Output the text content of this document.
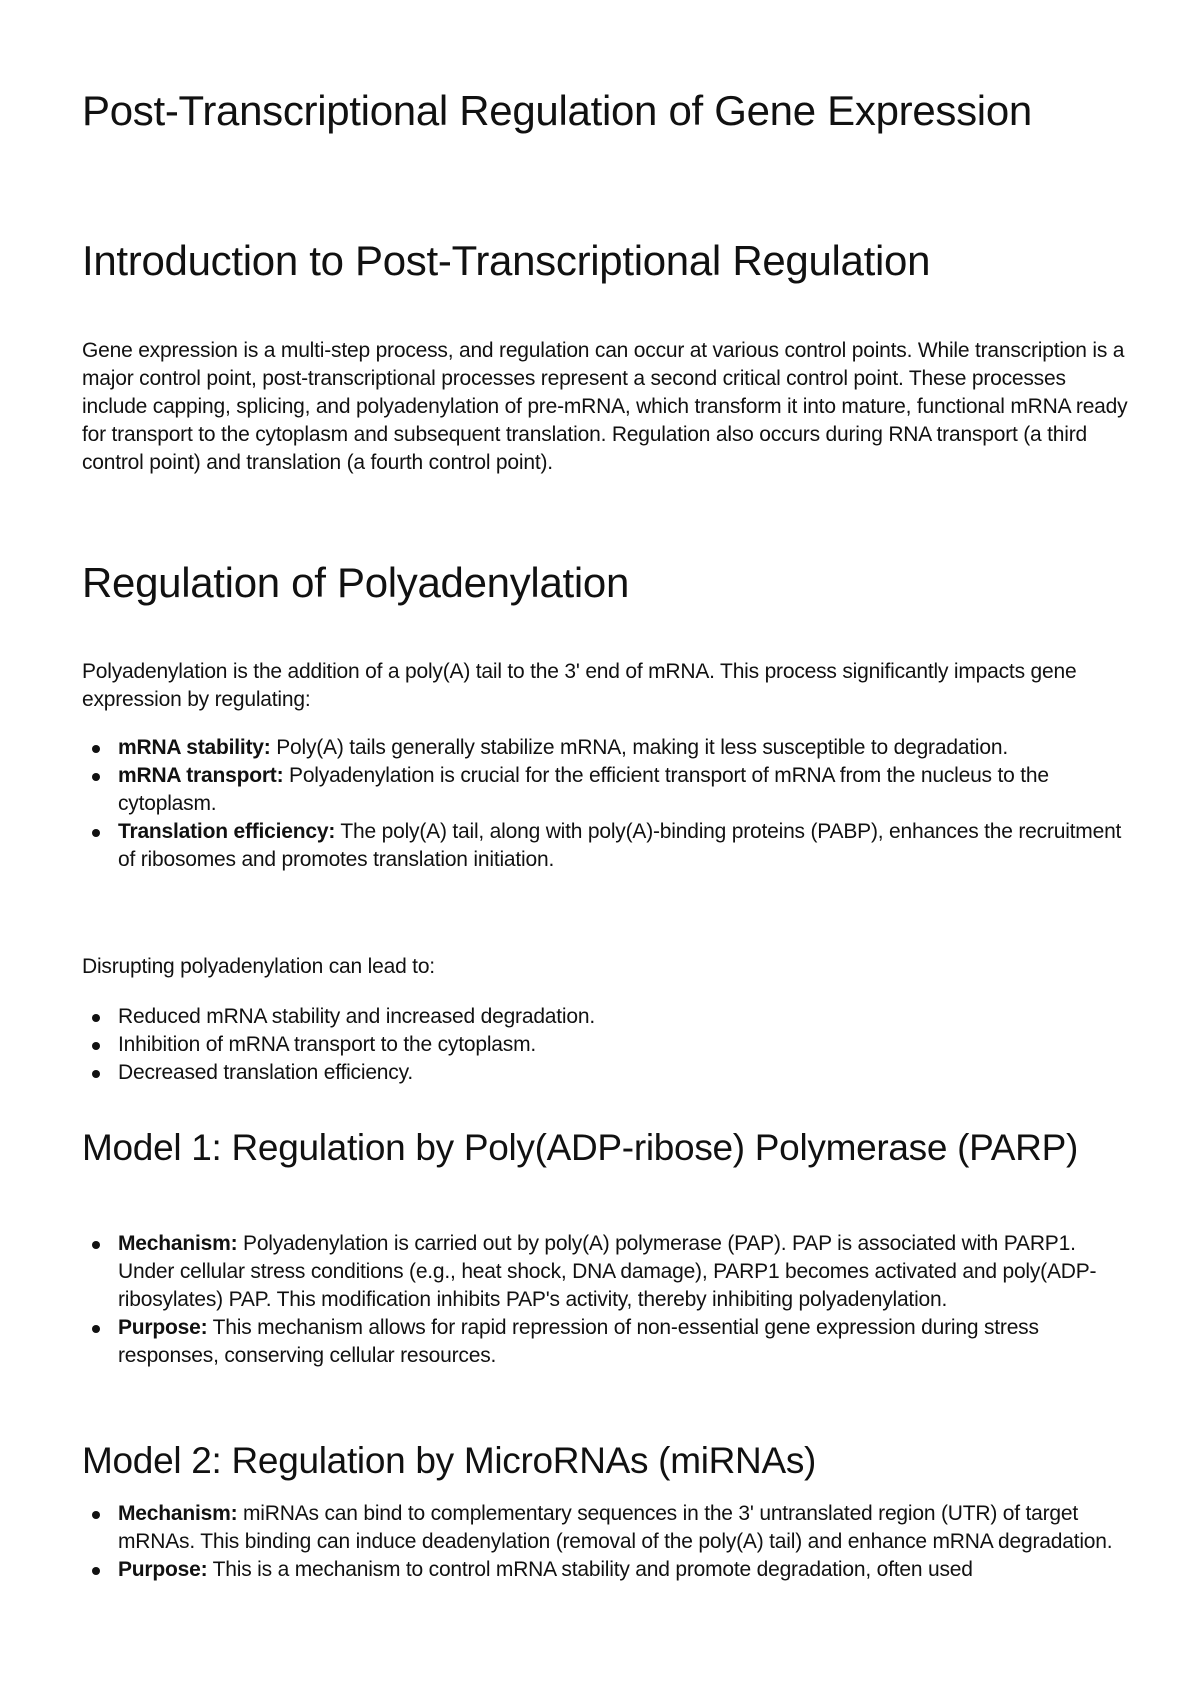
Post-Transcriptional Regulation of Gene Expression
Introduction to Post-Transcriptional Regulation

Gene expression is a multi-step process, and regulation can occur at various control points. While transcription is a major control point, post-transcriptional processes represent a second critical control point. These processes include capping, splicing, and polyadenylation of pre-mRNA, which transform it into mature, functional mRNA ready for transport to the cytoplasm and subsequent translation. Regulation also occurs during RNA transport (a third control point) and translation (a fourth control point).

Regulation of Polyadenylation

Polyadenylation is the addition of a poly(A) tail to the 3' end of mRNA. This process significantly impacts gene expression by regulating:

mRNA stability: Poly(A) tails generally stabilize mRNA, making it less susceptible to degradation.
mRNA transport: Polyadenylation is crucial for the efficient transport of mRNA from the nucleus to the cytoplasm.
Translation efficiency: The poly(A) tail, along with poly(A)-binding proteins (PABP), enhances the recruitment of ribosomes and promotes translation initiation.

Disrupting polyadenylation can lead to:

Reduced mRNA stability and increased degradation.
Inhibition of mRNA transport to the cytoplasm.
Decreased translation efficiency.
Model 1: Regulation by Poly(ADP-ribose) Polymerase (PARP)
Mechanism: Polyadenylation is carried out by poly(A) polymerase (PAP). PAP is associated with PARP1. Under cellular stress conditions (e.g., heat shock, DNA damage), PARP1 becomes activated and poly(ADP-ribosylates) PAP. This modification inhibits PAP's activity, thereby inhibiting polyadenylation.
Purpose: This mechanism allows for rapid repression of non-essential gene expression during stress responses, conserving cellular resources.
Model 2: Regulation by MicroRNAs (miRNAs)
Mechanism: miRNAs can bind to complementary sequences in the 3' untranslated region (UTR) of target mRNAs. This binding can induce deadenylation (removal of the poly(A) tail) and enhance mRNA degradation.
Purpose: This is a mechanism to control mRNA stability and promote degradation, often used
